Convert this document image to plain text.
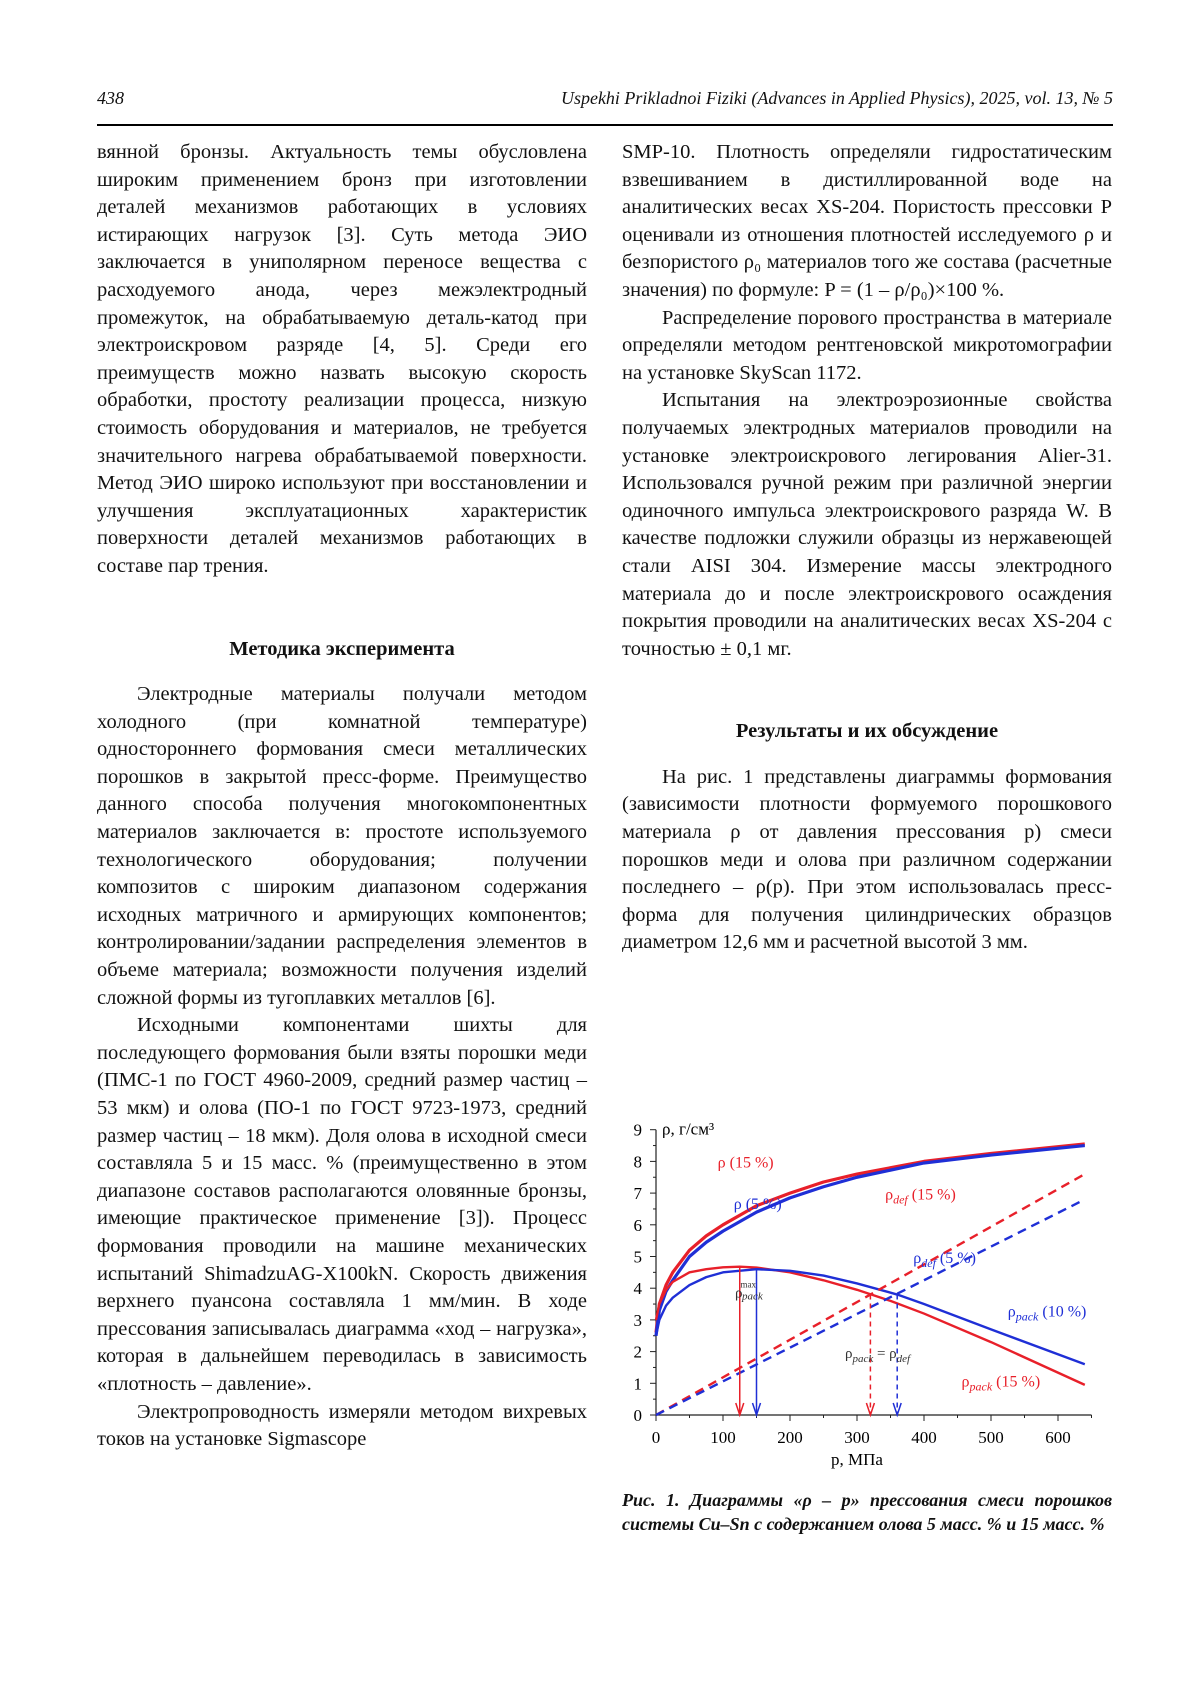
438	Uspekhi Prikladnoi Fiziki (Advances in Applied Physics), 2025, vol. 13, № 5

вянной бронзы. Актуальность темы обусловлена широким применением бронз при изготовлении деталей механизмов работающих в условиях истирающих нагрузок [3]. Суть метода ЭИО заключается в униполярном переносе вещества с расходуемого анода, через межэлектродный промежуток, на обрабатываемую деталь-катод при электроискровом разряде [4, 5]. Среди его преимуществ можно назвать высокую скорость обработки, простоту реализации процесса, низкую стоимость оборудования и материалов, не требуется значительного нагрева обрабатываемой поверхности. Метод ЭИО широко используют при восстановлении и улучшения эксплуатационных характеристик поверхности деталей механизмов работающих в составе пар трения.

Методика эксперимента

Электродные материалы получали методом холодного (при комнатной температуре) одностороннего формования смеси металлических порошков в закрытой пресс-форме. Преимущество данного способа получения многокомпонентных материалов заключается в: простоте используемого технологического оборудования; получении композитов с широким диапазоном содержания исходных матричного и армирующих компонентов; контролировании/задании распределения элементов в объеме материала; возможности получения изделий сложной формы из тугоплавких металлов [6].

Исходными компонентами шихты для последующего формования были взяты порошки меди (ПМС-1 по ГОСТ 4960-2009, средний размер частиц – 53 мкм) и олова (ПО-1 по ГОСТ 9723-1973, средний размер частиц – 18 мкм). Доля олова в исходной смеси составляла 5 и 15 масс. % (преимущественно в этом диапазоне составов располагаются оловянные бронзы, имеющие практическое применение [3]). Процесс формования проводили на машине механических испытаний ShimadzuAG-X100kN. Скорость движения верхнего пуансона составляла 1 мм/мин. В ходе прессования записывалась диаграмма «ход – нагрузка», которая в дальнейшем переводилась в зависимость «плотность – давление».

Электропроводность измеряли методом вихревых токов на установке Sigmascope

SMP-10. Плотность определяли гидростатическим взвешиванием в дистиллированной воде на аналитических весах XS-204. Пористость прессовки P оценивали из отношения плотностей исследуемого ρ и безпористого ρ₀ материалов того же состава (расчетные значения) по формуле: P = (1 – ρ/ρ₀)×100 %.

Распределение порового пространства в материале определяли методом рентгеновской микротомографии на установке SkyScan 1172.

Испытания на электроэрозионные свойства получаемых электродных материалов проводили на установке электроискрового легирования Alier-31. Использовался ручной режим при различной энергии одиночного импульса электроискрового разряда W. В качестве подложки служили образцы из нержавеющей стали AISI 304. Измерение массы электродного материала до и после электроискрового осаждения покрытия проводили на аналитических весах XS-204 с точностью ± 0,1 мг.

Результаты и их обсуждение

На рис. 1 представлены диаграммы формования (зависимости плотности формуемого порошкового материала ρ от давления прессования p) смеси порошков меди и олова при различном содержании последнего – ρ(p). При этом использовалась пресс-форма для получения цилиндрических образцов диаметром 12,6 мм и расчетной высотой 3 мм.

0
1
2
3
4
5
6
7
8
9
0	100 200 300 400 500 600
p, МПа
ρ, г/см³
ρ (15 %)
ρ (5 %)
$\rho_{def}$ (15 %)
$\rho_{def}$ (5 %)
$\rho_{pack}$ (10 %)
$\rho_{pack}$ (15 %)
ρmax pack
$\rho_{pack} = \rho_{def}$
Рис. 1. Диаграммы «ρ – p» прессования смеси порошков системы Cu–Sn с содержанием олова 5 масс. % и 15 масс. %
